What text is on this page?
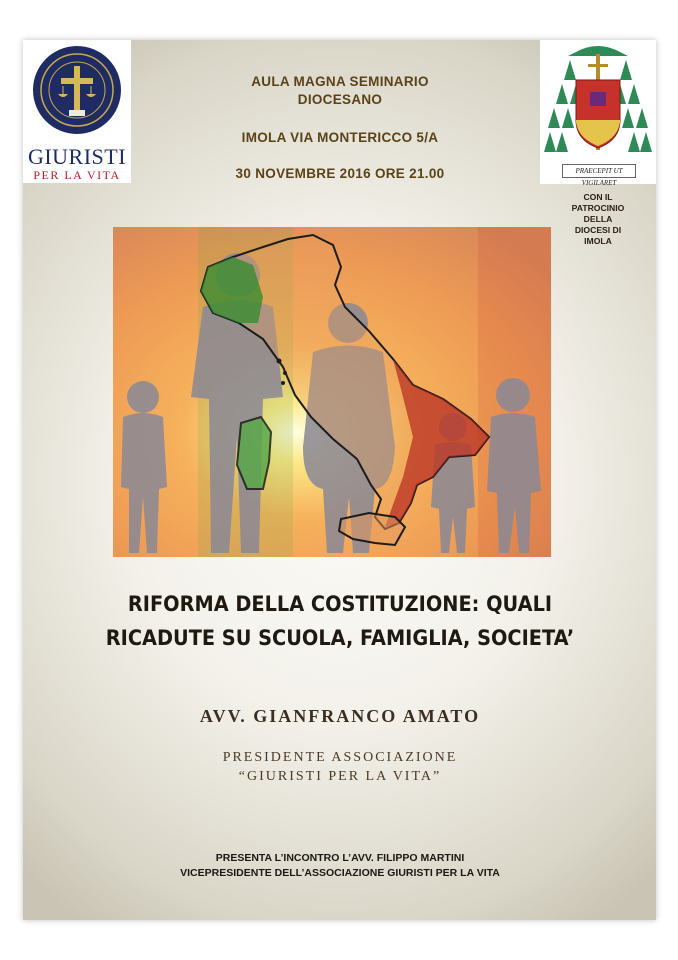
GIURISTI
PER LA VITA	PRAECEPIT UT VIGILARET
CON IL
PATROCINIO
DELLA
DIOCESI DI
IMOLA
AULA MAGNA SEMINARIO
DIOCESANO
IMOLA VIA MONTERICCO 5/A
30 NOVEMBRE 2016 ORE 21.00
RIFORMA DELLA COSTITUZIONE: QUALI
RICADUTE SU SCUOLA, FAMIGLIA, SOCIETA’
AVV. GIANFRANCO AMATO
PRESIDENTE ASSOCIAZIONE
“GIURISTI PER LA VITA”
PRESENTA L’INCONTRO L’AVV. FILIPPO MARTINI
VICEPRESIDENTE DELL’ASSOCIAZIONE GIURISTI PER LA VITA
